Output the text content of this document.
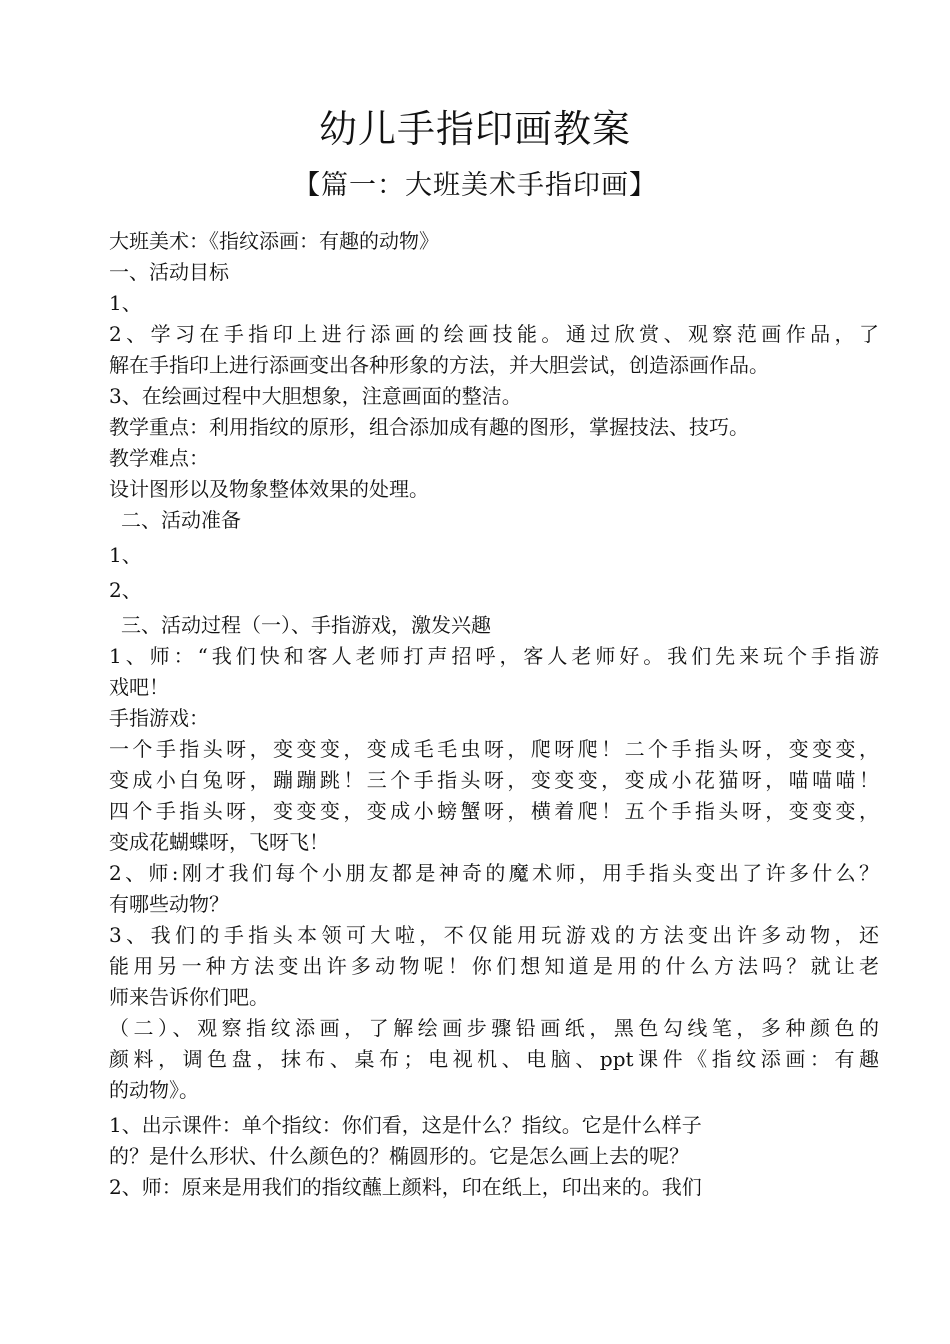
幼儿手指印画教案
【篇一：大班美术手指印画】

大班美术：《指纹添画：有趣的动物》

一、活动目标

1、

2、学习在手指印上进行添画的绘画技能。通过欣赏、观察范画作品，了

解在手指印上进行添画变出各种形象的方法，并大胆尝试，创造添画作品。

3、在绘画过程中大胆想象，注意画面的整洁。

教学重点：利用指纹的原形，组合添加成有趣的图形，掌握技法、技巧。

教学难点：

设计图形以及物象整体效果的处理。

二、活动准备

1、

2、

三、活动过程（一）、手指游戏，激发兴趣

1、师：“我们快和客人老师打声招呼，客人老师好。我们先来玩个手指游

戏吧！

手指游戏：

一个手指头呀，变变变，变成毛毛虫呀，爬呀爬！二个手指头呀，变变变，

变成小白兔呀，蹦蹦跳！三个手指头呀，变变变，变成小花猫呀，喵喵喵！

四个手指头呀，变变变，变成小螃蟹呀，横着爬！五个手指头呀，变变变，

变成花蝴蝶呀，飞呀飞！

2、师:刚才我们每个小朋友都是神奇的魔术师，用手指头变出了许多什么？

有哪些动物？

3、我们的手指头本领可大啦，不仅能用玩游戏的方法变出许多动物，还

能用另一种方法变出许多动物呢！你们想知道是用的什么方法吗？就让老

师来告诉你们吧。

（二）、观察指纹添画，了解绘画步骤铅画纸，黑色勾线笔，多种颜色的

颜料，调色盘，抹布、桌布；电视机、电脑、ppt课件《指纹添画：有趣

的动物》。

1、出示课件：单个指纹：你们看，这是什么？指纹。它是什么样子

的？是什么形状、什么颜色的？椭圆形的。它是怎么画上去的呢？

2、师：原来是用我们的指纹蘸上颜料，印在纸上，印出来的。我们
